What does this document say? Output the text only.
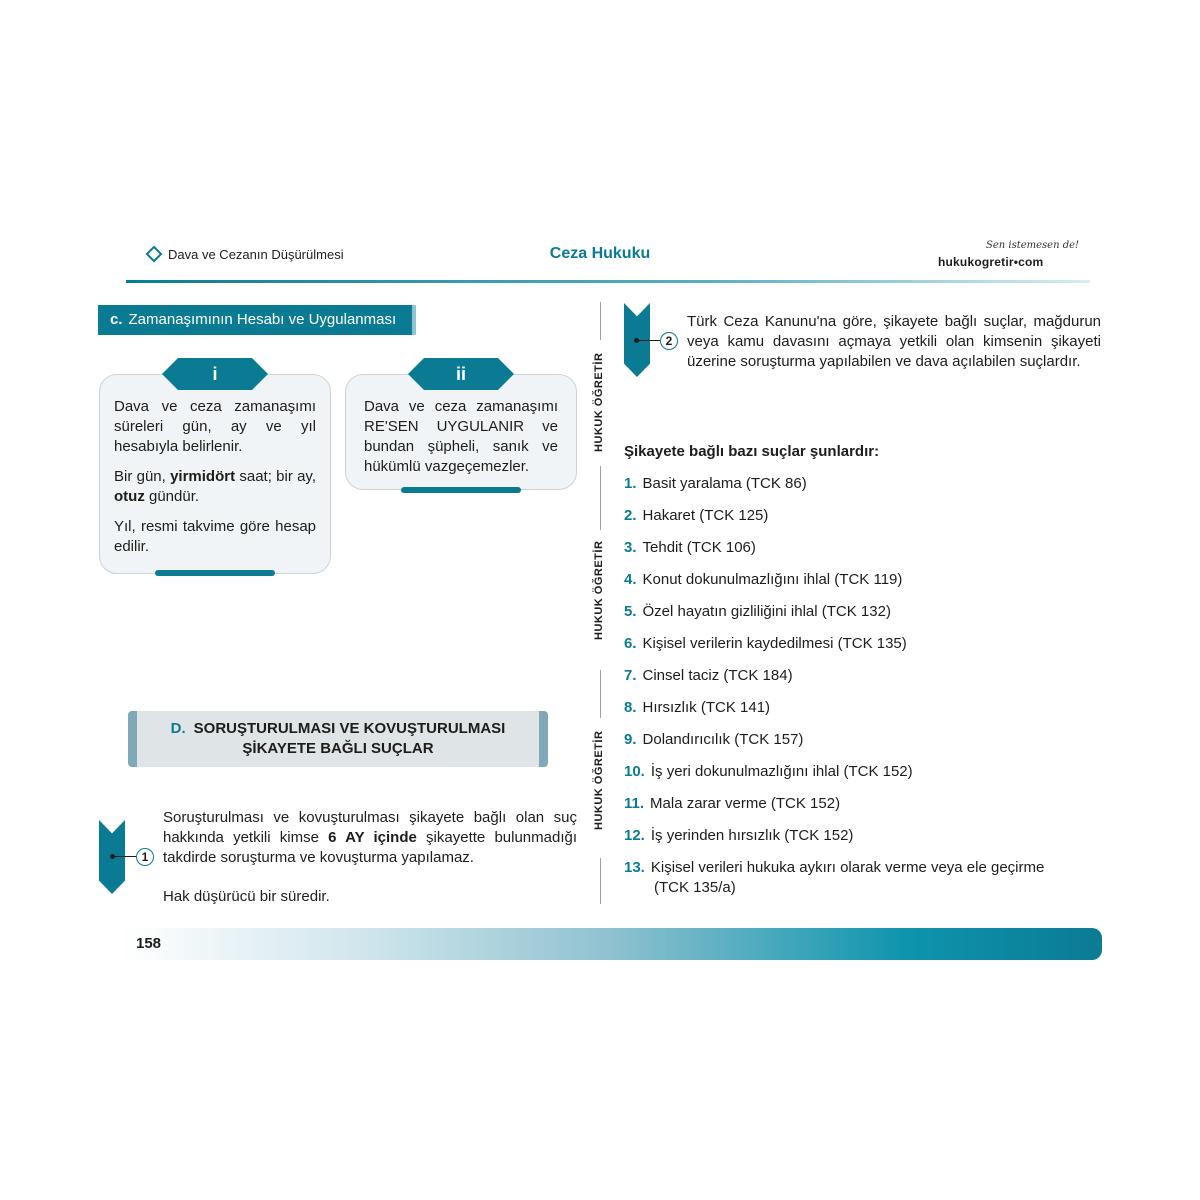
Dava ve Cezanın Düşürülmesi	Ceza Hukuku	Sen istemesen de!
hukukogretir•com
c. Zamanaşımının Hesabı ve Uygulanması
i

Dava ve ceza zamanaşımı süreleri gün, ay ve yıl hesabıyla belirlenir.

Bir gün, yirmidört saat; bir ay, otuz gündür.

Yıl, resmi takvime göre hesap edilir.

ii

Dava ve ceza zamanaşımı RE'SEN UYGULANIR ve bundan şüpheli, sanık ve hükümlü vazgeçemezler.

D. SORUŞTURULMASI VE KOVUŞTURULMASI
ŞİKAYETE BAĞLI SUÇLAR
1
Soruşturulması ve kovuşturulması şikayete bağlı olan suç hakkında yetkili kimse 6 AY içinde şikayette bulunmadığı takdirde soruşturma ve kovuşturma yapılamaz.
Hak düşürücü bir süredir.
HUKUK ÖĞRETİR
HUKUK ÖĞRETİR
HUKUK ÖĞRETİR
2
Türk Ceza Kanunu'na göre, şikayete bağlı suçlar, mağdurun veya kamu davasını açmaya yetkili olan kimsenin şikayeti üzerine soruşturma yapılabilen ve dava açılabilen suçlardır.
Şikayete bağlı bazı suçlar şunlardır:
1. Basit yaralama (TCK 86)
2. Hakaret (TCK 125)
3. Tehdit (TCK 106)
4. Konut dokunulmazlığını ihlal (TCK 119)
5. Özel hayatın gizliliğini ihlal (TCK 132)
6. Kişisel verilerin kaydedilmesi (TCK 135)
7. Cinsel taciz (TCK 184)
8. Hırsızlık (TCK 141)
9. Dolandırıcılık (TCK 157)
10. İş yeri dokunulmazlığını ihlal (TCK 152)
11. Mala zarar verme (TCK 152)
12. İş yerinden hırsızlık (TCK 152)
13. Kişisel verileri hukuka aykırı olarak verme veya ele geçirme
(TCK 135/a)
158
